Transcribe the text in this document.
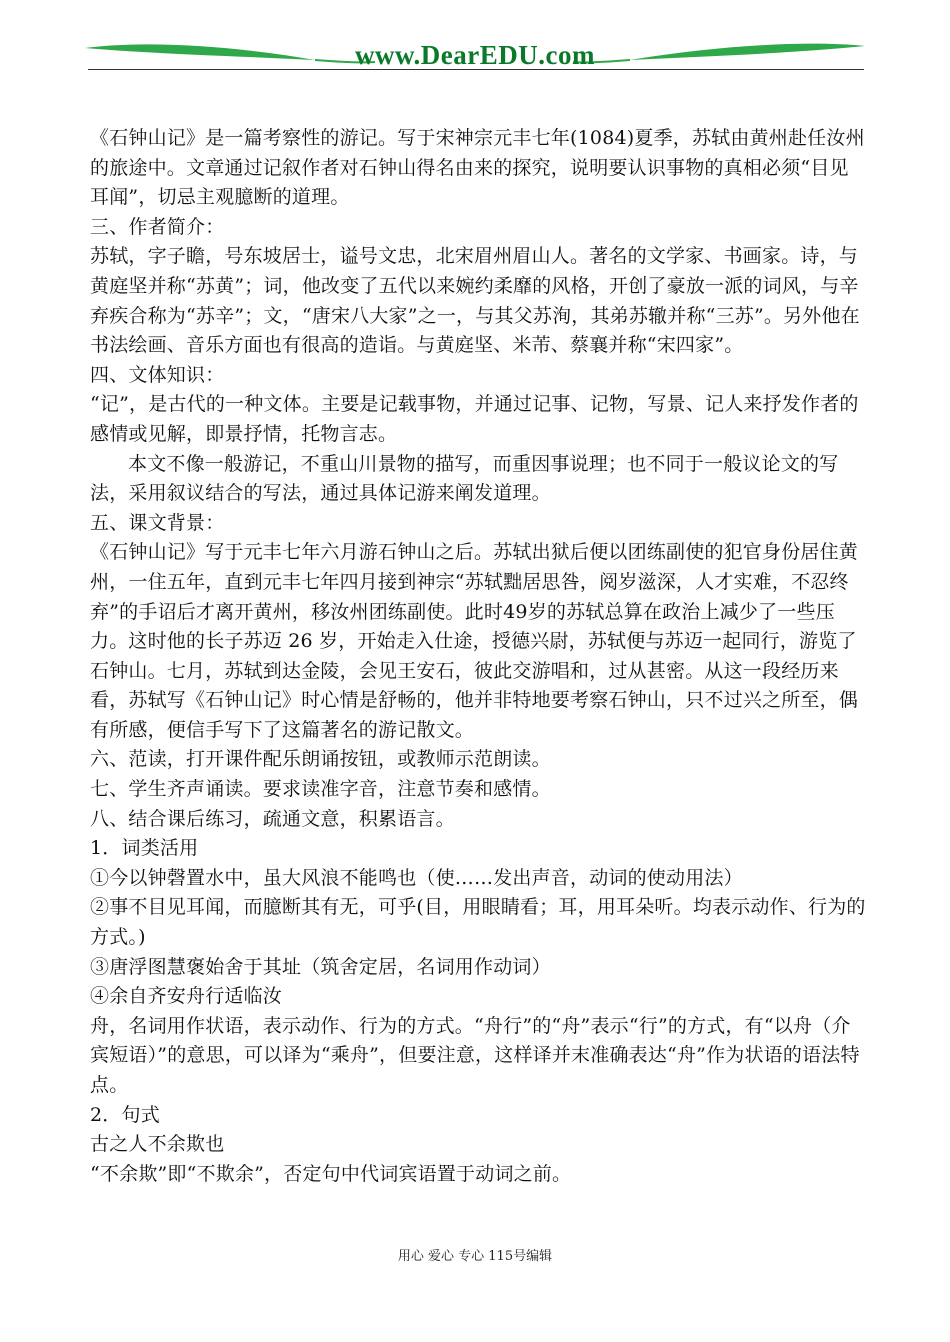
www.DearEDU.com

《石钟山记》是一篇考察性的游记。写于宋神宗元丰七年(1084)夏季，苏轼由黄州赴任汝州的旅途中。文章通过记叙作者对石钟山得名由来的探究，说明要认识事物的真相必须“目见耳闻”，切忌主观臆断的道理。

三、作者简介：

苏轼，字子瞻，号东坡居士，谥号文忠，北宋眉州眉山人。著名的文学家、书画家。诗，与黄庭坚并称“苏黄”；词，他改变了五代以来婉约柔靡的风格，开创了豪放一派的词风，与辛弃疾合称为“苏辛”；文，“唐宋八大家”之一，与其父苏洵，其弟苏辙并称“三苏”。另外他在书法绘画、音乐方面也有很高的造诣。与黄庭坚、米芾、蔡襄并称“宋四家”。

四、文体知识：

“记”，是古代的一种文体。主要是记载事物，并通过记事、记物，写景、记人来抒发作者的感情或见解，即景抒情，托物言志。

本文不像一般游记，不重山川景物的描写，而重因事说理；也不同于一般议论文的写法，采用叙议结合的写法，通过具体记游来阐发道理。

五、课文背景：

《石钟山记》写于元丰七年六月游石钟山之后。苏轼出狱后便以团练副使的犯官身份居住黄州，一住五年，直到元丰七年四月接到神宗“苏轼黜居思咎，阅岁滋深，人才实难，不忍终弃”的手诏后才离开黄州，移汝州团练副使。此时49岁的苏轼总算在政治上减少了一些压力。这时他的长子苏迈 26 岁，开始走入仕途，授德兴尉，苏轼便与苏迈一起同行，游览了石钟山。七月，苏轼到达金陵，会见王安石，彼此交游唱和，过从甚密。从这一段经历来看，苏轼写《石钟山记》时心情是舒畅的，他并非特地要考察石钟山，只不过兴之所至，偶有所感，便信手写下了这篇著名的游记散文。

六、范读，打开课件配乐朗诵按钮，或教师示范朗读。

七、学生齐声诵读。要求读准字音，注意节奏和感情。

八、结合课后练习，疏通文意，积累语言。

1．词类活用

①今以钟磬置水中，虽大风浪不能鸣也（使……发出声音，动词的使动用法）

②事不目见耳闻，而臆断其有无，可乎(目，用眼睛看；耳，用耳朵听。均表示动作、行为的方式。)

③唐浮图慧褒始舍于其址（筑舍定居，名词用作动词）

④余自齐安舟行适临汝

舟，名词用作状语，表示动作、行为的方式。“舟行”的“舟”表示“行”的方式，有“以舟（介宾短语）”的意思，可以译为“乘舟”，但要注意，这样译并末准确表达“舟”作为状语的语法特点。

2．句式

古之人不余欺也

“不余欺”即“不欺余”，否定句中代词宾语置于动词之前。

用心 爱心 专心 115号编辑
